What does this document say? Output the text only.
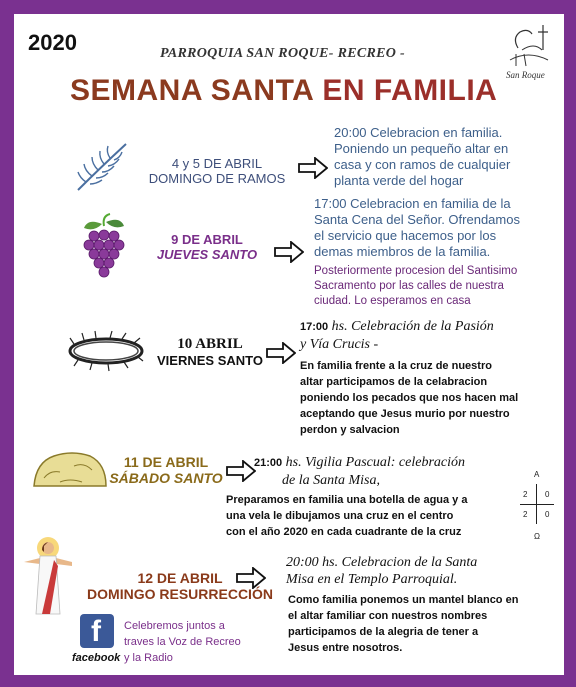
2020	PARROQUIA SAN ROQUE- RECREO -
SEMANA SANTA EN FAMILIA San Roque
4 y 5 DE ABRIL
DOMINGO DE RAMOS
20:00 Celebracion en familia.
Poniendo un pequeño altar en
casa y con ramos de cualquier
planta verde del hogar
9 DE ABRIL
JUEVES SANTO
17:00 Celebracion en familia de la
Santa Cena del Señor. Ofrendamos
el servicio que hacemos por los
demas miembros de la familia.
Posteriormente procesion del Santisimo
Sacramento por las calles de nuestra
ciudad. Lo esperamos en casa
10 ABRIL
VIERNES SANTO
17:00 hs. Celebración de la Pasión
y Vía Crucis -
En familia frente a la cruz de nuestro
altar participamos de la celabracion
poniendo los pecados que nos hacen mal
aceptando que Jesus murio por nuestro
perdon y salvacion
11 DE ABRIL
SÁBADO SANTO
21:00 hs. Vigilia Pascual: celebración
de la Santa Misa,
Preparamos en familia una botella de agua y a
una vela le dibujamos una cruz en el centro
con el año 2020 en cada cuadrante de la cruz
A
2 0
2 0
Ω
12 DE ABRIL
DOMINGO RESURRECCIÓN
20:00 hs. Celebracion de la Santa
Misa en el Templo Parroquial.
Como familia ponemos un mantel blanco en
el altar familiar con nuestros nombres
participamos de la alegria de tener a
Jesus entre nosotros.
f
facebook
Celebremos juntos a
traves la Voz de Recreo
y la Radio
